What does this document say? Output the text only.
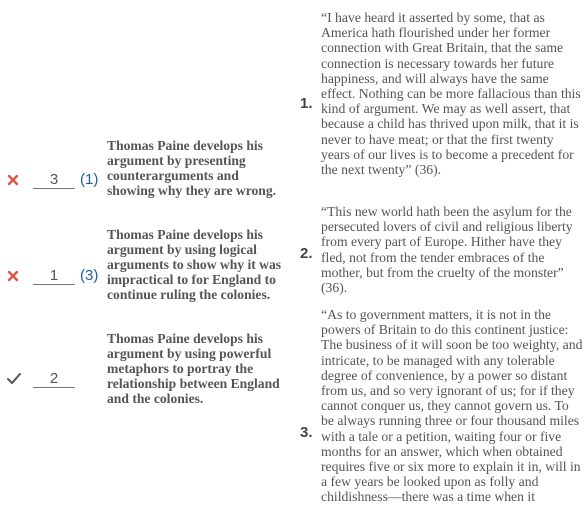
3	(1)
Thomas Paine develops his argument by presenting counterarguments and showing why they are wrong.
1	(3)
Thomas Paine develops his argument by using logical arguments to show why it was impractical to for England to continue ruling the colonies.
2
Thomas Paine develops his argument by using powerful metaphors to portray the relationship between England and the colonies.
1.
“I have heard it asserted by some, that as America hath flourished under her former connection with Great Britain, that the same connection is necessary towards her future happiness, and will always have the same effect. Nothing can be more fallacious than this kind of argument. We may as well assert, that because a child has thrived upon milk, that it is never to have meat; or that the first twenty years of our lives is to become a precedent for the next twenty” (36).
2.
“This new world hath been the asylum for the persecuted lovers of civil and religious liberty from every part of Europe. Hither have they fled, not from the tender embraces of the mother, but from the cruelty of the monster” (36).
3.
“As to government matters, it is not in the powers of Britain to do this continent justice: The business of it will soon be too weighty, and intricate, to be managed with any tolerable degree of convenience, by a power so distant from us, and so very ignorant of us; for if they cannot conquer us, they cannot govern us. To be always running three or four thousand miles with a tale or a petition, waiting four or five months for an answer, which when obtained requires five or six more to explain it in, will in a few years be looked upon as folly and childishness—there was a time when it
